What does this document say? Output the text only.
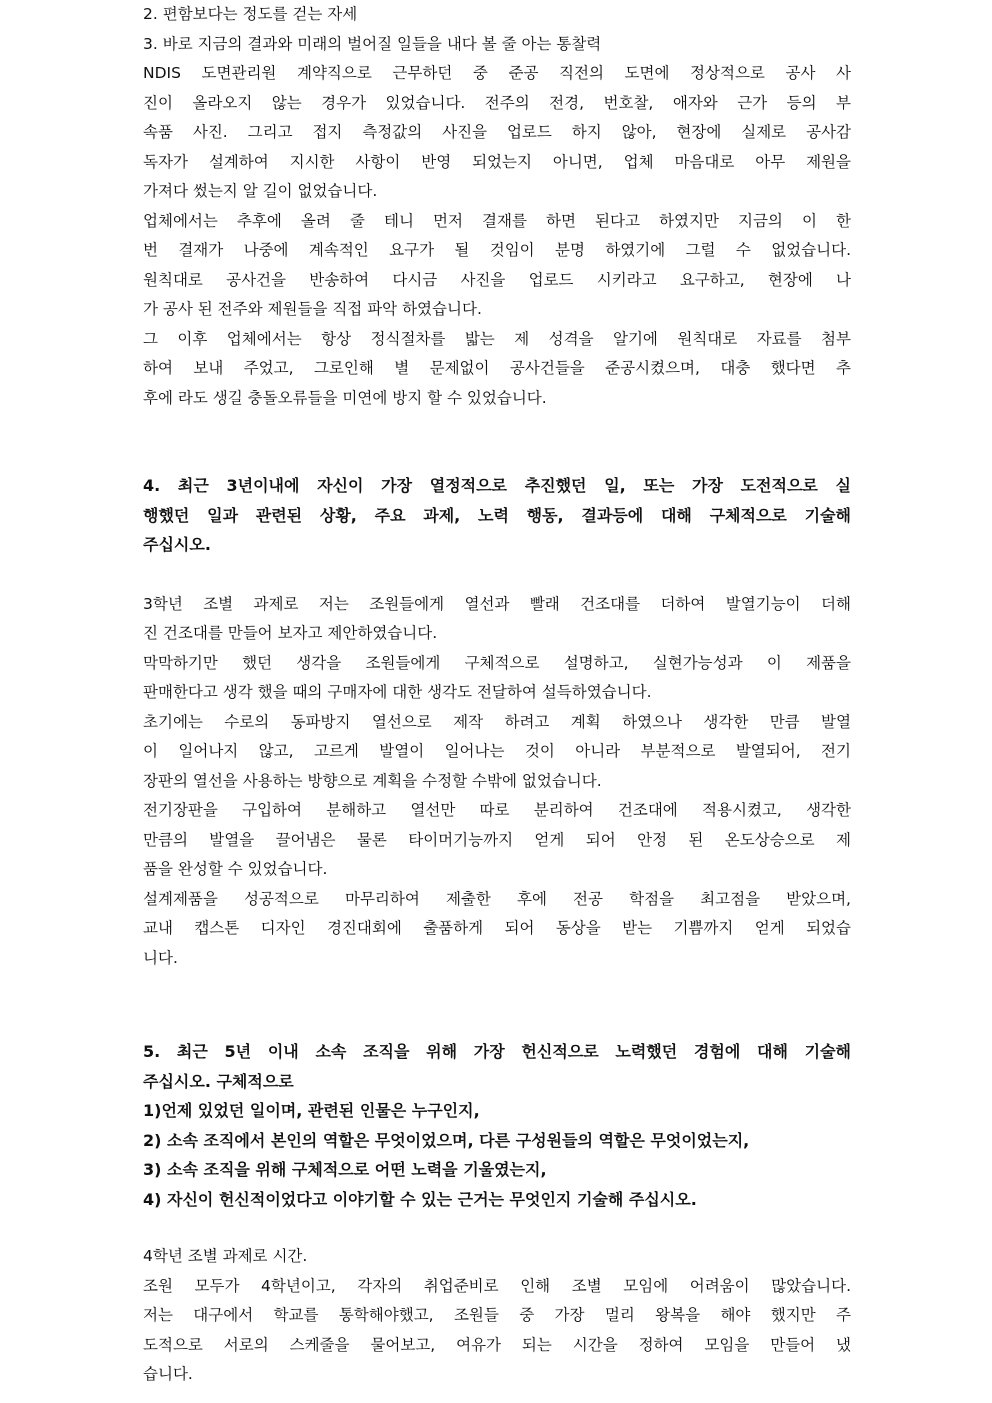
2. 편함보다는 정도를 걷는 자세
3. 바로 지금의 결과와 미래의 벌어질 일들을 내다 볼 줄 아는 통찰력
NDIS 도면관리원 계약직으로 근무하던 중 준공 직전의 도면에 정상적으로 공사 사
진이 올라오지 않는 경우가 있었습니다. 전주의 전경, 번호찰, 애자와 근가 등의 부
속품 사진. 그리고 접지 측정값의 사진을 업로드 하지 않아, 현장에 실제로 공사감
독자가 설계하여 지시한 사항이 반영 되었는지 아니면, 업체 마음대로 아무 제원을
가져다 썼는지 알 길이 없었습니다.
업체에서는 추후에 올려 줄 테니 먼저 결재를 하면 된다고 하였지만 지금의 이 한
번 결재가 나중에 계속적인 요구가 될 것임이 분명 하였기에 그럴 수 없었습니다.
원칙대로 공사건을 반송하여 다시금 사진을 업로드 시키라고 요구하고, 현장에 나
가 공사 된 전주와 제원들을 직접 파악 하였습니다.
그 이후 업체에서는 항상 정식절차를 밟는 제 성격을 알기에 원칙대로 자료를 첨부
하여 보내 주었고, 그로인해 별 문제없이 공사건들을 준공시켰으며, 대충 했다면 추
후에 라도 생길 충돌오류들을 미연에 방지 할 수 있었습니다.
4. 최근 3년이내에 자신이 가장 열정적으로 추진했던 일, 또는 가장 도전적으로 실
행했던 일과 관련된 상황, 주요 과제, 노력 행동, 결과등에 대해 구체적으로 기술해
주십시오.
3학년 조별 과제로 저는 조원들에게 열선과 빨래 건조대를 더하여 발열기능이 더해
진 건조대를 만들어 보자고 제안하였습니다.
막막하기만 했던 생각을 조원들에게 구체적으로 설명하고, 실현가능성과 이 제품을
판매한다고 생각 했을 때의 구매자에 대한 생각도 전달하여 설득하였습니다.
초기에는 수로의 동파방지 열선으로 제작 하려고 계획 하였으나 생각한 만큼 발열
이 일어나지 않고, 고르게 발열이 일어나는 것이 아니라 부분적으로 발열되어, 전기
장판의 열선을 사용하는 방향으로 계획을 수정할 수밖에 없었습니다.
전기장판을 구입하여 분해하고 열선만 따로 분리하여 건조대에 적용시켰고, 생각한
만큼의 발열을 끌어냄은 물론 타이머기능까지 얻게 되어 안정 된 온도상승으로 제
품을 완성할 수 있었습니다.
설계제품을 성공적으로 마무리하여 제출한 후에 전공 학점을 최고점을 받았으며,
교내 캡스톤 디자인 경진대회에 출품하게 되어 동상을 받는 기쁨까지 얻게 되었습
니다.
5. 최근 5년 이내 소속 조직을 위해 가장 헌신적으로 노력했던 경험에 대해 기술해
주십시오. 구체적으로
1)언제 있었던 일이며, 관련된 인물은 누구인지,
2) 소속 조직에서 본인의 역할은 무엇이었으며, 다른 구성원들의 역할은 무엇이었는지,
3) 소속 조직을 위해 구체적으로 어떤 노력을 기울였는지,
4) 자신이 헌신적이었다고 이야기할 수 있는 근거는 무엇인지 기술해 주십시오.
4학년 조별 과제로 시간.
조원 모두가 4학년이고, 각자의 취업준비로 인해 조별 모임에 어려움이 많았습니다.
저는 대구에서 학교를 통학해야했고, 조원들 중 가장 멀리 왕복을 해야 했지만 주
도적으로 서로의 스케줄을 물어보고, 여유가 되는 시간을 정하여 모임을 만들어 냈
습니다.
